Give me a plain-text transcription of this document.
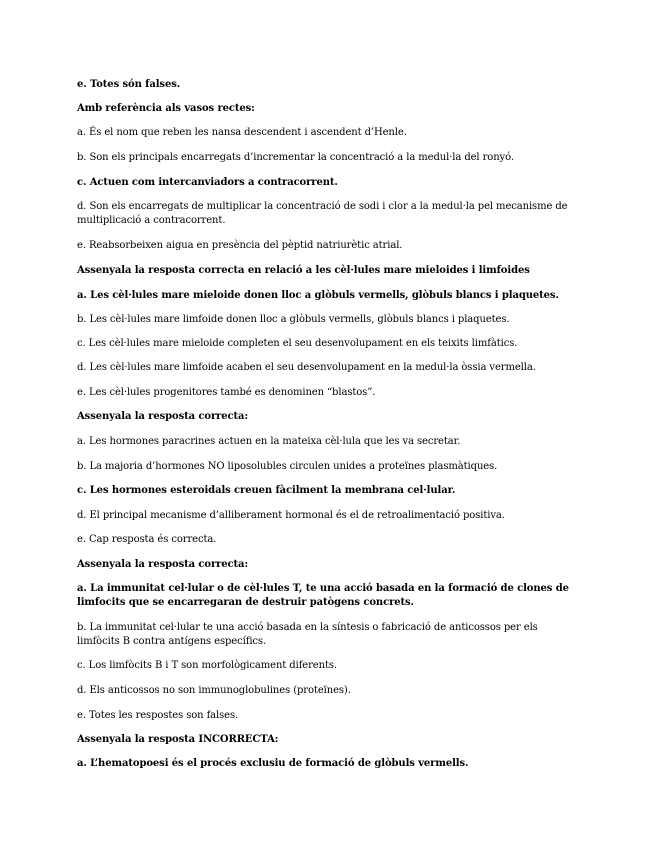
e. Totes són falses.
Amb referència als vasos rectes:
a. És el nom que reben les nansa descendent i ascendent d’Henle.
b. Son els principals encarregats d’incrementar la concentració a la medul·la del ronyó.
c. Actuen com intercanviadors a contracorrent.
d. Son els encarregats de multiplicar la concentració de sodi i clor a la medul·la pel mecanisme de multiplicació a contracorrent.
e. Reabsorbeixen aigua en presència del pèptid natriurètic atrial.
Assenyala la resposta correcta en relació a les cèl·lules mare mieloides i limfoides
a. Les cèl·lules mare mieloide donen lloc a glòbuls vermells, glòbuls blancs i plaquetes.
b. Les cèl·lules mare limfoide donen lloc a glòbuls vermells, glòbuls blancs i plaquetes.
c. Les cèl·lules mare mieloide completen el seu desenvolupament en els teixits limfàtics.
d. Les cèl·lules mare limfoide acaben el seu desenvolupament en la medul·la òssia vermella.
e. Les cèl·lules progenitores també es denominen “blastos”.
Assenyala la resposta correcta:
a. Les hormones paracrines actuen en la mateixa cèl·lula que les va secretar.
b. La majoria d’hormones NO liposolubles circulen unides a proteïnes plasmàtiques.
c. Les hormones esteroidals creuen fàcilment la membrana cel·lular.
d. El principal mecanisme d’alliberament hormonal és el de retroalimentació positiva.
e. Cap resposta és correcta.
Assenyala la resposta correcta:
a. La immunitat cel·lular o de cèl·lules T, te una acció basada en la formació de clones de limfocits que se encarregaran de destruir patògens concrets.
b. La immunitat cel·lular te una acció basada en la síntesis o fabricació de anticossos per els limfòcits B contra antígens específics.
c. Los limfòcits B i T son morfològicament diferents.
d. Els anticossos no son immunoglobulines (proteïnes).
e. Totes les respostes son falses.
Assenyala la resposta INCORRECTA:
a. L’hematopoesi és el procés exclusiu de formació de glòbuls vermells.
